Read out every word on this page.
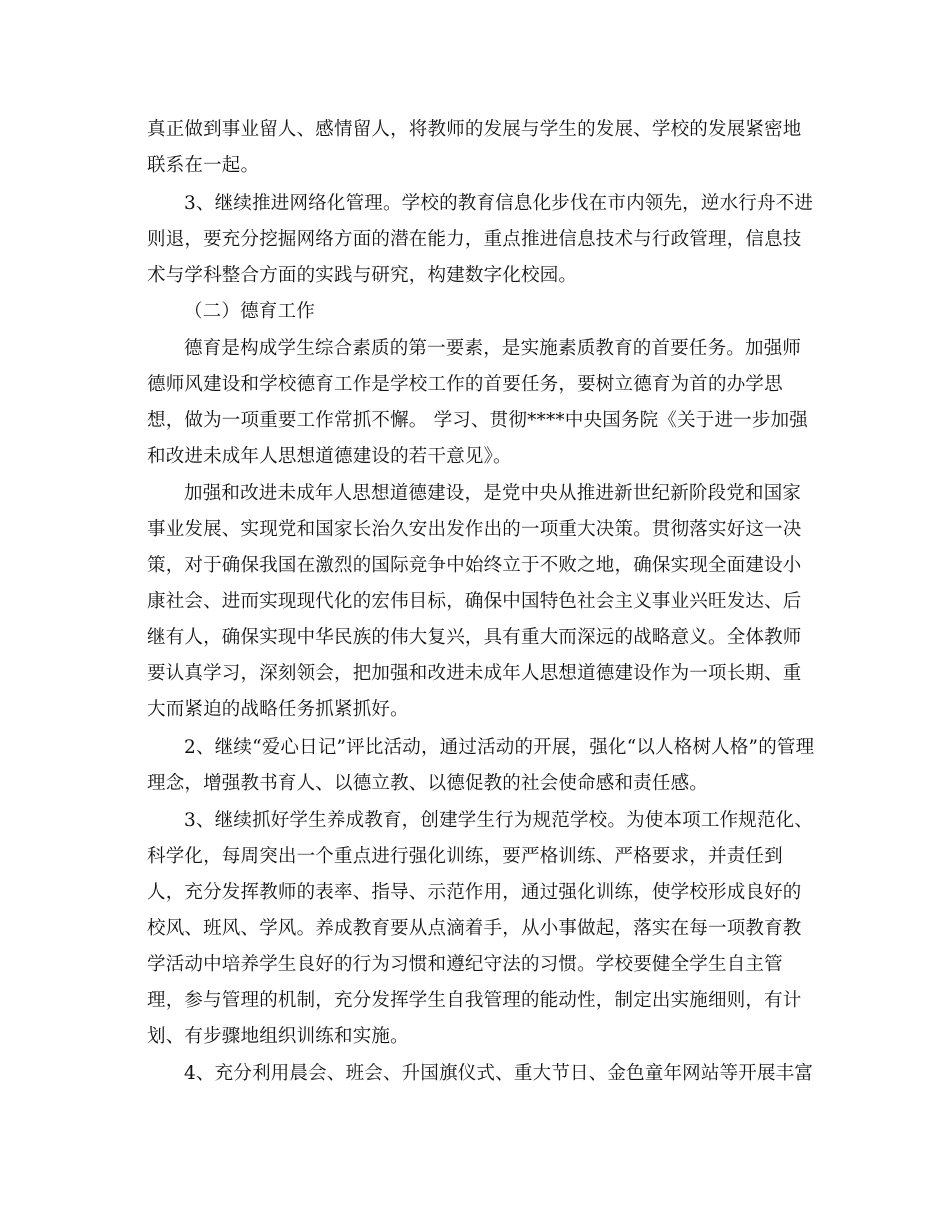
真正做到事业留人、感情留人，将教师的发展与学生的发展、学校的发展紧密地
联系在一起。
3、继续推进网络化管理。学校的教育信息化步伐在市内领先，逆水行舟不进
则退，要充分挖掘网络方面的潜在能力，重点推进信息技术与行政管理，信息技
术与学科整合方面的实践与研究，构建数字化校园。
（二）德育工作
德育是构成学生综合素质的第一要素，是实施素质教育的首要任务。加强师
德师风建设和学校德育工作是学校工作的首要任务，要树立德育为首的办学思
想，做为一项重要工作常抓不懈。 学习、贯彻****中央国务院《关于进一步加强
和改进未成年人思想道德建设的若干意见》。
加强和改进未成年人思想道德建设，是党中央从推进新世纪新阶段党和国家
事业发展、实现党和国家长治久安出发作出的一项重大决策。贯彻落实好这一决
策，对于确保我国在激烈的国际竞争中始终立于不败之地，确保实现全面建设小
康社会、进而实现现代化的宏伟目标，确保中国特色社会主义事业兴旺发达、后
继有人，确保实现中华民族的伟大复兴，具有重大而深远的战略意义。全体教师
要认真学习，深刻领会，把加强和改进未成年人思想道德建设作为一项长期、重
大而紧迫的战略任务抓紧抓好。
2、继续“爱心日记”评比活动，通过活动的开展，强化“以人格树人格”的管理
理念，增强教书育人、以德立教、以德促教的社会使命感和责任感。
3、继续抓好学生养成教育，创建学生行为规范学校。为使本项工作规范化、
科学化，每周突出一个重点进行强化训练，要严格训练、严格要求，并责任到
人，充分发挥教师的表率、指导、示范作用，通过强化训练，使学校形成良好的
校风、班风、学风。养成教育要从点滴着手，从小事做起，落实在每一项教育教
学活动中培养学生良好的行为习惯和遵纪守法的习惯。学校要健全学生自主管
理，参与管理的机制，充分发挥学生自我管理的能动性，制定出实施细则，有计
划、有步骤地组织训练和实施。
4、充分利用晨会、班会、升国旗仪式、重大节日、金色童年网站等开展丰富
